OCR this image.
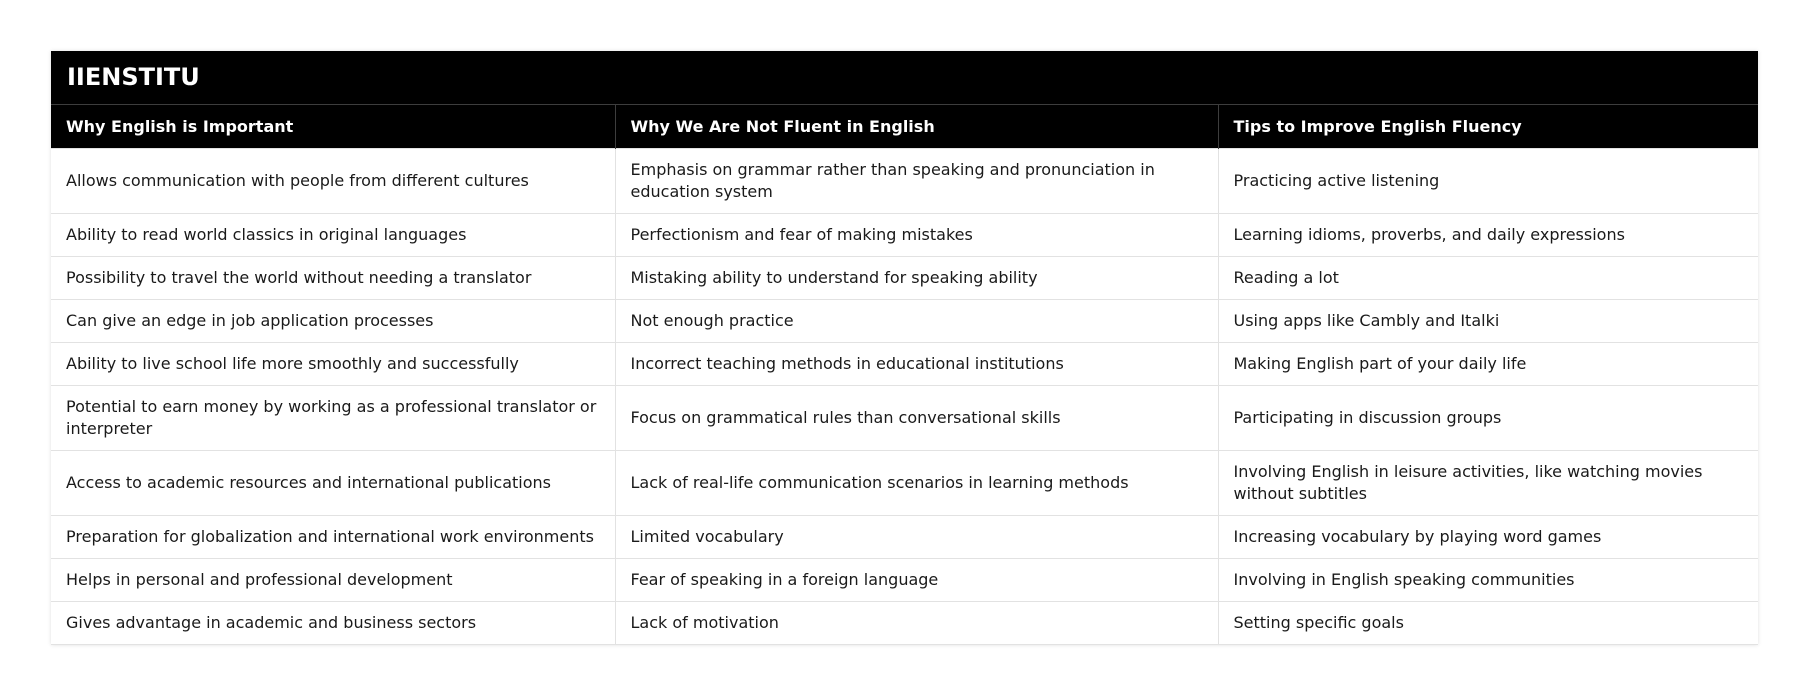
IIENSTITU		
Why English is Important	Why We Are Not Fluent in English	Tips to Improve English Fluency
Allows communication with people from different cultures	Emphasis on grammar rather than speaking and pronunciation in education system	Practicing active listening
Ability to read world classics in original languages	Perfectionism and fear of making mistakes	Learning idioms, proverbs, and daily expressions
Possibility to travel the world without needing a translator	Mistaking ability to understand for speaking ability	Reading a lot
Can give an edge in job application processes	Not enough practice	Using apps like Cambly and Italki
Ability to live school life more smoothly and successfully	Incorrect teaching methods in educational institutions	Making English part of your daily life
Potential to earn money by working as a professional translator or interpreter	Focus on grammatical rules than conversational skills	Participating in discussion groups
Access to academic resources and international publications	Lack of real-life communication scenarios in learning methods	Involving English in leisure activities, like watching movies without subtitles
Preparation for globalization and international work environments	Limited vocabulary	Increasing vocabulary by playing word games
Helps in personal and professional development	Fear of speaking in a foreign language	Involving in English speaking communities
Gives advantage in academic and business sectors	Lack of motivation	Setting specific goals
